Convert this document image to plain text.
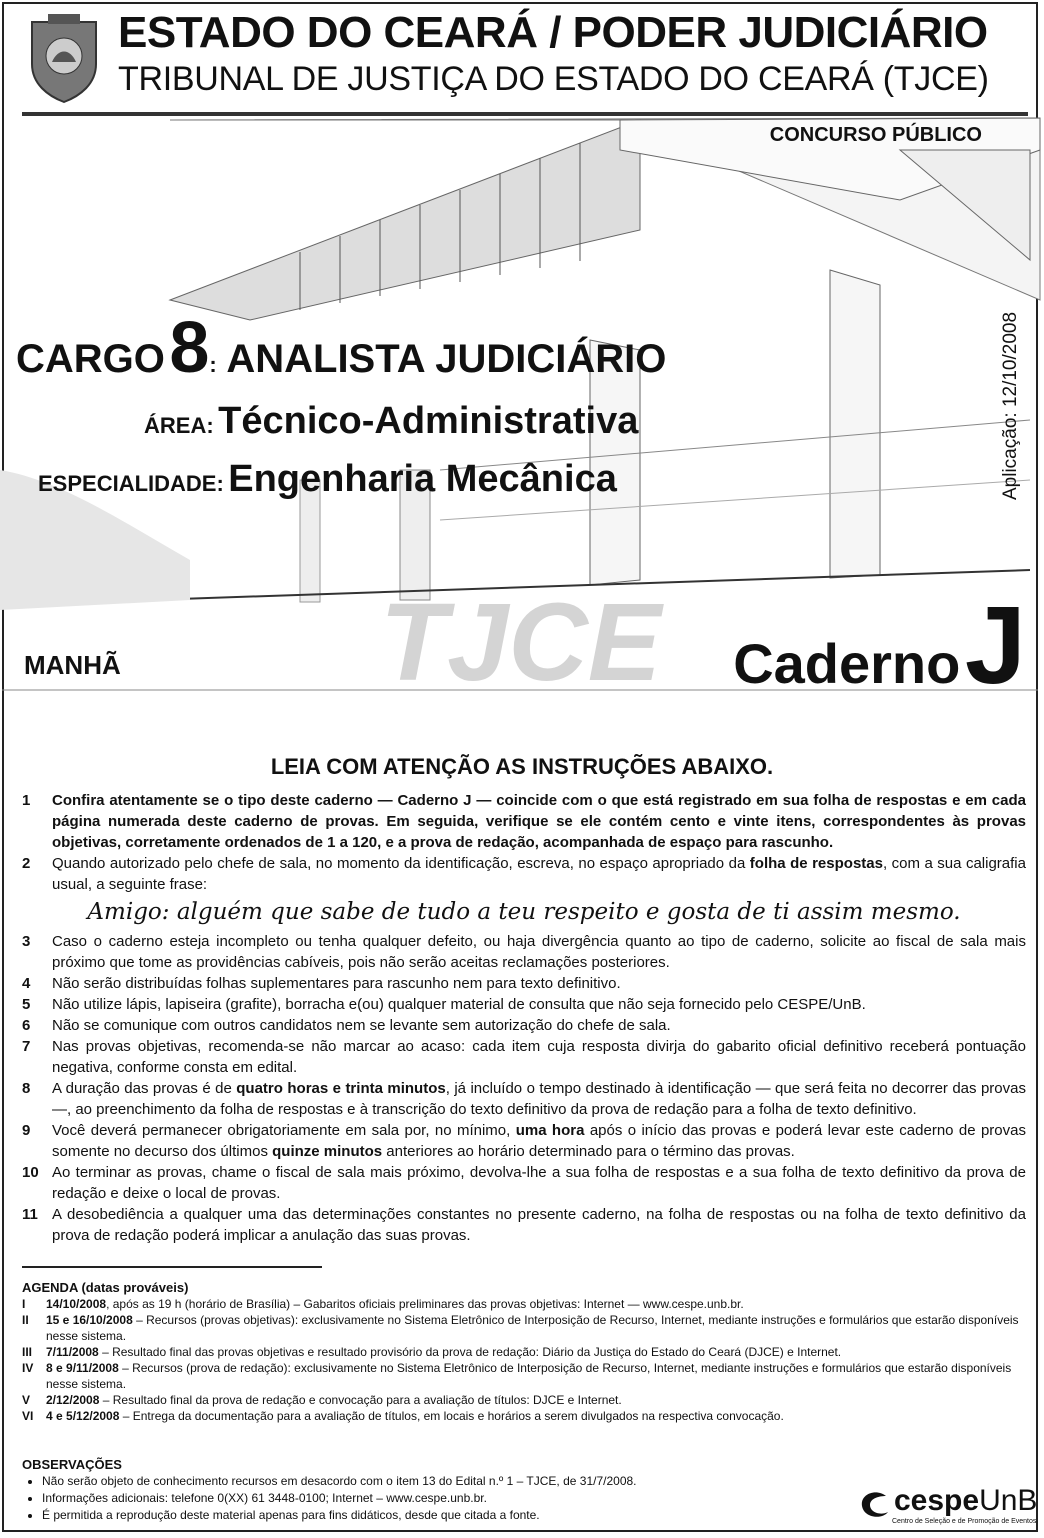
TJCE
ESTADO DO CEARÁ / PODER JUDICIÁRIO
TRIBUNAL DE JUSTIÇA DO ESTADO DO CEARÁ (TJCE)
CONCURSO PÚBLICO
CARGO 8: ANALISTA JUDICIÁRIO
ÁREA: Técnico-Administrativa
ESPECIALIDADE: Engenharia Mecânica	Aplicação: 12/10/2008
MANHÃ	Caderno J
LEIA COM ATENÇÃO AS INSTRUÇÕES ABAIXO.
1	Confira atentamente se o tipo deste caderno — Caderno J — coincide com o que está registrado em sua folha de respostas e em cada página numerada deste caderno de provas. Em seguida, verifique se ele contém cento e vinte itens, correspondentes às provas objetivas, corretamente ordenados de 1 a 120, e a prova de redação, acompanhada de espaço para rascunho.
2	Quando autorizado pelo chefe de sala, no momento da identificação, escreva, no espaço apropriado da folha de respostas, com a sua caligrafia usual, a seguinte frase:
Amigo: alguém que sabe de tudo a teu respeito e gosta de ti assim mesmo.
3	Caso o caderno esteja incompleto ou tenha qualquer defeito, ou haja divergência quanto ao tipo de caderno, solicite ao fiscal de sala mais próximo que tome as providências cabíveis, pois não serão aceitas reclamações posteriores.
4	Não serão distribuídas folhas suplementares para rascunho nem para texto definitivo.
5	Não utilize lápis, lapiseira (grafite), borracha e(ou) qualquer material de consulta que não seja fornecido pelo CESPE/UnB.
6	Não se comunique com outros candidatos nem se levante sem autorização do chefe de sala.
7	Nas provas objetivas, recomenda-se não marcar ao acaso: cada item cuja resposta divirja do gabarito oficial definitivo receberá pontuação negativa, conforme consta em edital.
8	A duração das provas é de quatro horas e trinta minutos, já incluído o tempo destinado à identificação — que será feita no decorrer das provas —, ao preenchimento da folha de respostas e à transcrição do texto definitivo da prova de redação para a folha de texto definitivo.
9	Você deverá permanecer obrigatoriamente em sala por, no mínimo, uma hora após o início das provas e poderá levar este caderno de provas somente no decurso dos últimos quinze minutos anteriores ao horário determinado para o término das provas.
10 Ao terminar as provas, chame o fiscal de sala mais próximo, devolva-lhe a sua folha de respostas e a sua folha de texto definitivo da prova de redação e deixe o local de provas.
11 A desobediência a qualquer uma das determinações constantes no presente caderno, na folha de respostas ou na folha de texto definitivo da prova de redação poderá implicar a anulação das suas provas.
AGENDA (datas prováveis)
I	14/10/2008, após as 19 h (horário de Brasília) – Gabaritos oficiais preliminares das provas objetivas: Internet — www.cespe.unb.br.
II	15 e 16/10/2008 – Recursos (provas objetivas): exclusivamente no Sistema Eletrônico de Interposição de Recurso, Internet, mediante instruções e formulários que estarão disponíveis nesse sistema.
III	7/11/2008 – Resultado final das provas objetivas e resultado provisório da prova de redação: Diário da Justiça do Estado do Ceará (DJCE) e Internet.
IV	8 e 9/11/2008 – Recursos (prova de redação): exclusivamente no Sistema Eletrônico de Interposição de Recurso, Internet, mediante instruções e formulários que estarão disponíveis nesse sistema.
V	2/12/2008 – Resultado final da prova de redação e convocação para a avaliação de títulos: DJCE e Internet.
VI	4 e 5/12/2008 – Entrega da documentação para a avaliação de títulos, em locais e horários a serem divulgados na respectiva convocação.
OBSERVAÇÕES
• Não serão objeto de conhecimento recursos em desacordo com o item 13 do Edital n.º 1 – TJCE, de 31/7/2008.
• Informações adicionais: telefone 0(XX) 61 3448-0100; Internet – www.cespe.unb.br.
• É permitida a reprodução deste material apenas para fins didáticos, desde que citada a fonte.	cespeUnB
Centro de Seleção e de Promoção de Eventos
